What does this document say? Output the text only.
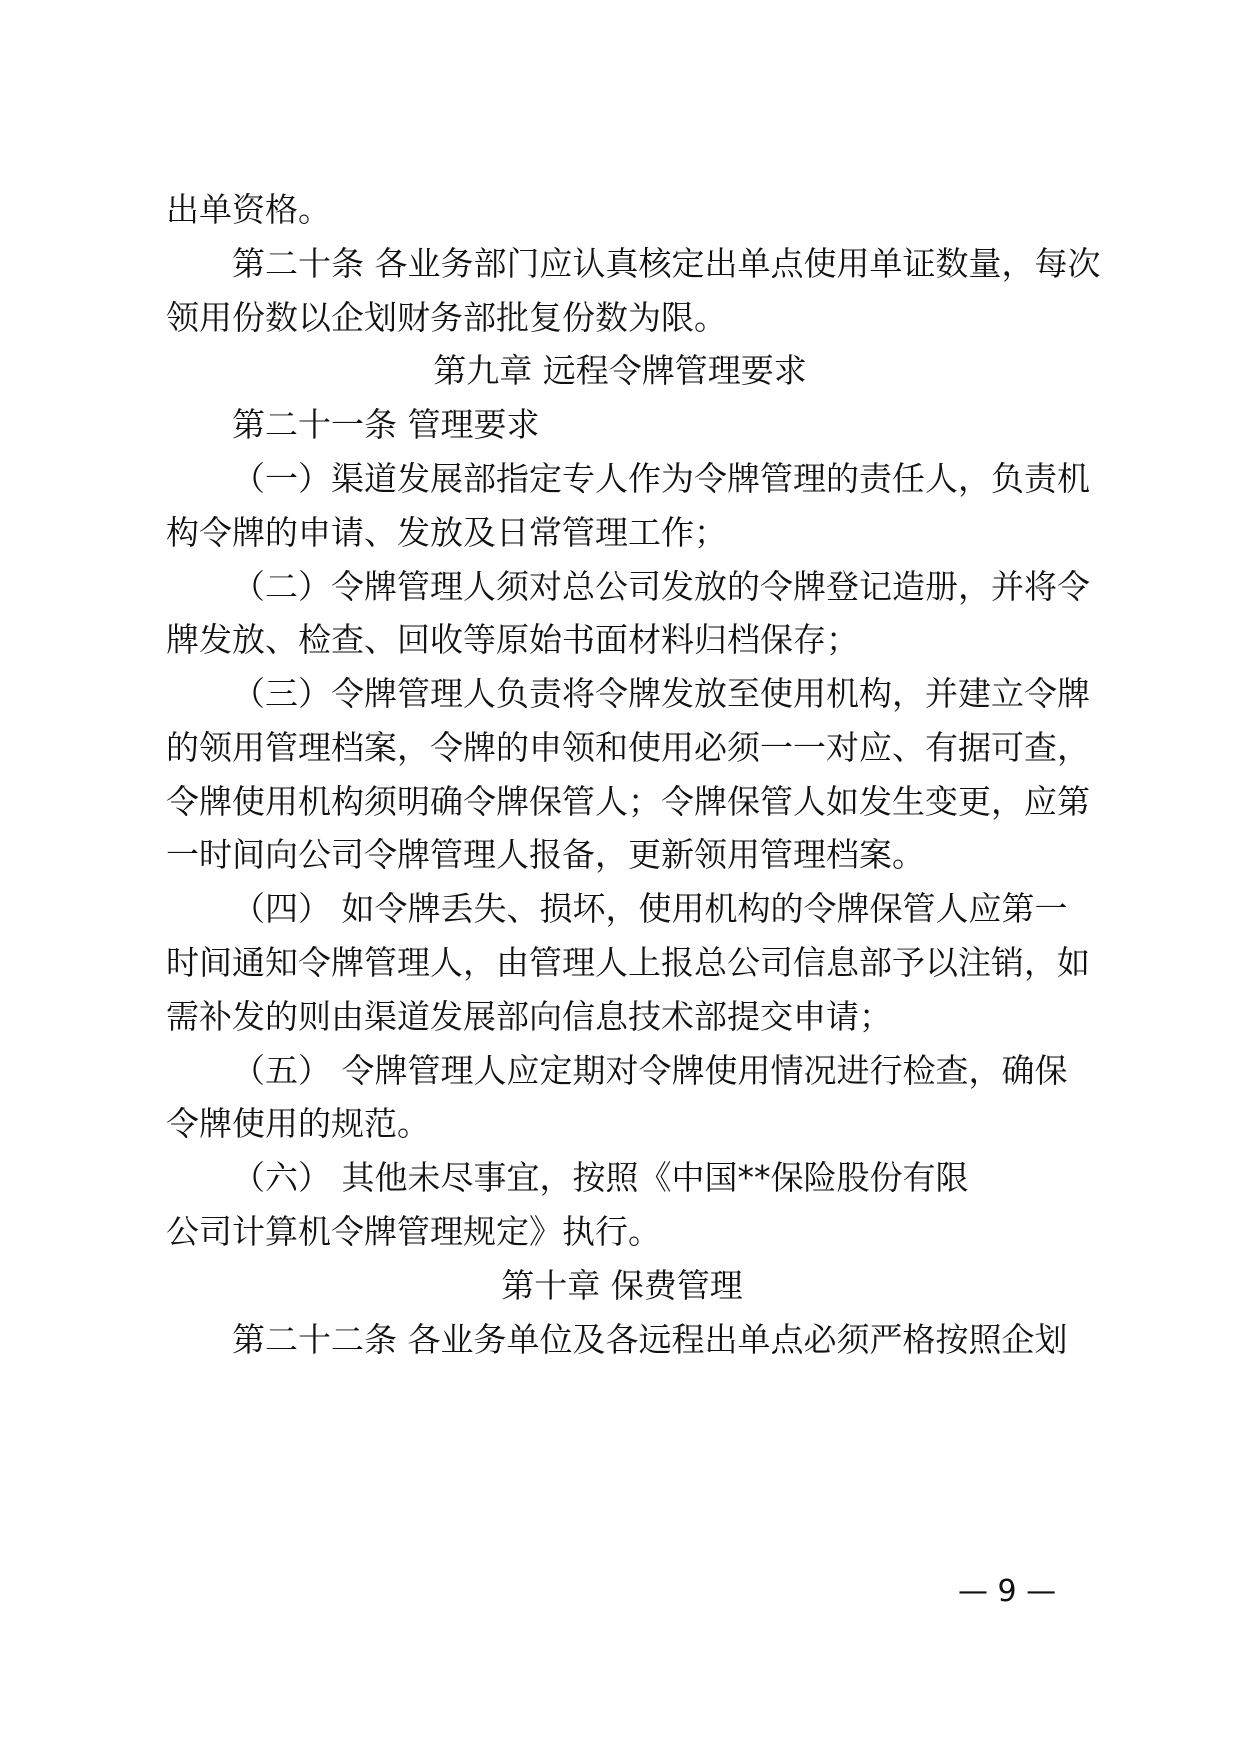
出单资格。
第二十条 各业务部门应认真核定出单点使用单证数量，每次
领用份数以企划财务部批复份数为限。
第九章 远程令牌管理要求
第二十一条 管理要求
（一）渠道发展部指定专人作为令牌管理的责任人，负责机
构令牌的申请、发放及日常管理工作；
（二）令牌管理人须对总公司发放的令牌登记造册，并将令
牌发放、检查、回收等原始书面材料归档保存；
（三）令牌管理人负责将令牌发放至使用机构，并建立令牌
的领用管理档案，令牌的申领和使用必须一一对应、有据可查，
令牌使用机构须明确令牌保管人；令牌保管人如发生变更，应第
一时间向公司令牌管理人报备，更新领用管理档案。
（四） 如令牌丢失、损坏，使用机构的令牌保管人应第一
时间通知令牌管理人，由管理人上报总公司信息部予以注销，如
需补发的则由渠道发展部向信息技术部提交申请；
（五） 令牌管理人应定期对令牌使用情况进行检查，确保
令牌使用的规范。
（六） 其他未尽事宜，按照《中国**保险股份有限
公司计算机令牌管理规定》执行。
第十章 保费管理
第二十二条 各业务单位及各远程出单点必须严格按照企划
— 9 —
